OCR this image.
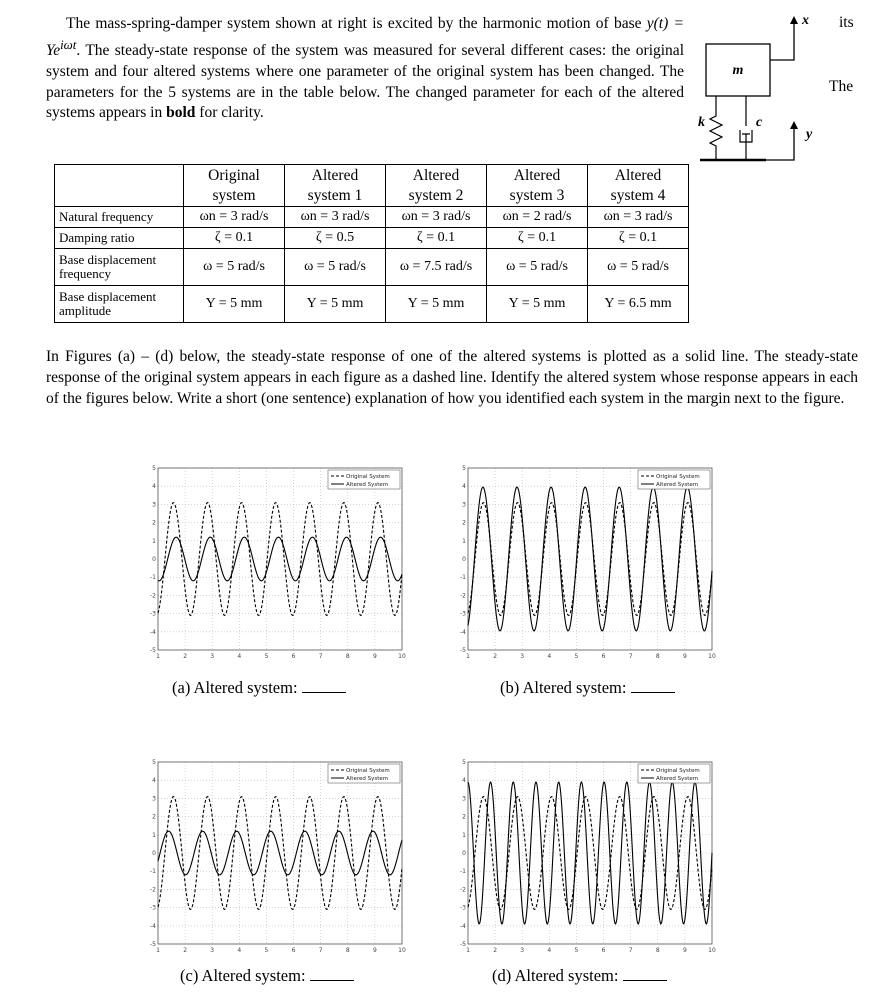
The mass-spring-damper system shown at right is excited by the harmonic motion of base $y(t) = Ye^{i\omega t}$. The steady-state response of the system was measured for several different cases: the original system and four altered systems where one parameter of the original system has been changed. The parameters for the 5 systems are in the table below. The changed parameter for each of the altered systems appears in bold for clarity.
its
The
m
x
k	c
y
	Original system	Altered system 1	Altered system 2	Altered system 3	Altered system 4
Natural frequency	ωn = 3 rad/s	ωn = 3 rad/s	ωn = 3 rad/s	ωn = 2 rad/s	ωn = 3 rad/s
Damping ratio	ζ = 0.1	ζ = 0.5	ζ = 0.1	ζ = 0.1	ζ = 0.1
Base displacement frequency	ω = 5 rad/s	ω = 5 rad/s	ω = 7.5 rad/s	ω = 5 rad/s	ω = 5 rad/s
Base displacement amplitude	Y = 5 mm	Y = 5 mm	Y = 5 mm	Y = 5 mm	Y = 6.5 mm
In Figures (a) – (d) below, the steady-state response of one of the altered systems is plotted as a solid line. The steady-state response of the original system appears in each figure as a dashed line. Identify the altered system whose response appears in each of the figures below. Write a short (one sentence) explanation of how you identified each system in the margin next to the figure.
1	2	3	4	5	6	7	8	9	10
5
4
3
2
1
0
-1
-2
-3
-4
-5
Original System
Altered System
1	2	3	4	5	6	7	8	9	10
5
4
3
2
1
0
-1
-2
-3
-4
-5
Original System
Altered System
1	2	3	4	5	6	7	8	9	10
5
4
3
2
1
0
-1
-2
-3
-4
-5
Original System
Altered System
1	2	3	4	5	6	7	8	9	10
5
4
3
2
1
0
-1
-2
-3
-4
-5
Original System
Altered System
(a) Altered system:	(b) Altered system:
(c) Altered system:	(d) Altered system:
